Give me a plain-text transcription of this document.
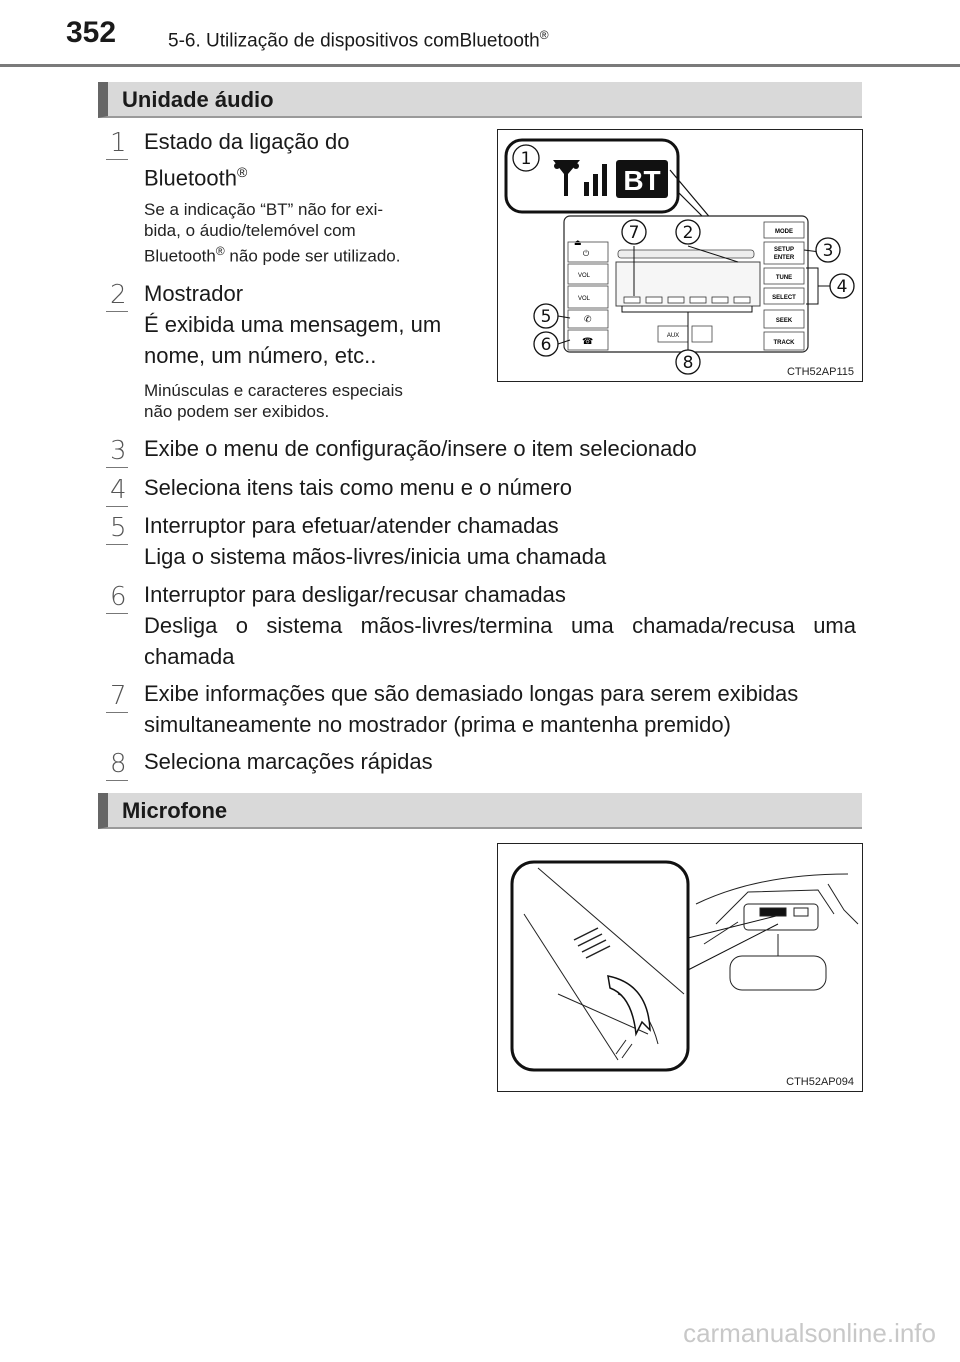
352	5-6. Utilização de dispositivos comBluetooth®
Unidade áudio
1 Estado da ligação do
Bluetooth®
Se a indicação “BT” não for exi-
bida, o áudio/telemóvel com
Bluetooth® não pode ser utilizado.
2 Mostrador
É exibida uma mensagem, um
nome, um número, etc..
Minúsculas e caracteres especiais
não podem ser exibidos.
BT
⏻
⏏
VOL
VOL
✆
☎	AUX
MODE
SETUP
ENTER
TUNE
SELECT
SEEK
TRACK
1
2
3
4
5
6
7
8	CTH52AP115
3 Exibe o menu de configuração/insere o item selecionado
4 Seleciona itens tais como menu e o número
5 Interruptor para efetuar/atender chamadas
Liga o sistema mãos-livres/inicia uma chamada
6 Interruptor para desligar/recusar chamadas
Desliga o sistema mãos-livres/termina uma chamada/recusa uma
chamada
7 Exibe informações que são demasiado longas para serem exibidas
simultaneamente no mostrador (prima e mantenha premido)
8 Seleciona marcações rápidas
Microfone
CTH52AP094
carmanualsonline.info
